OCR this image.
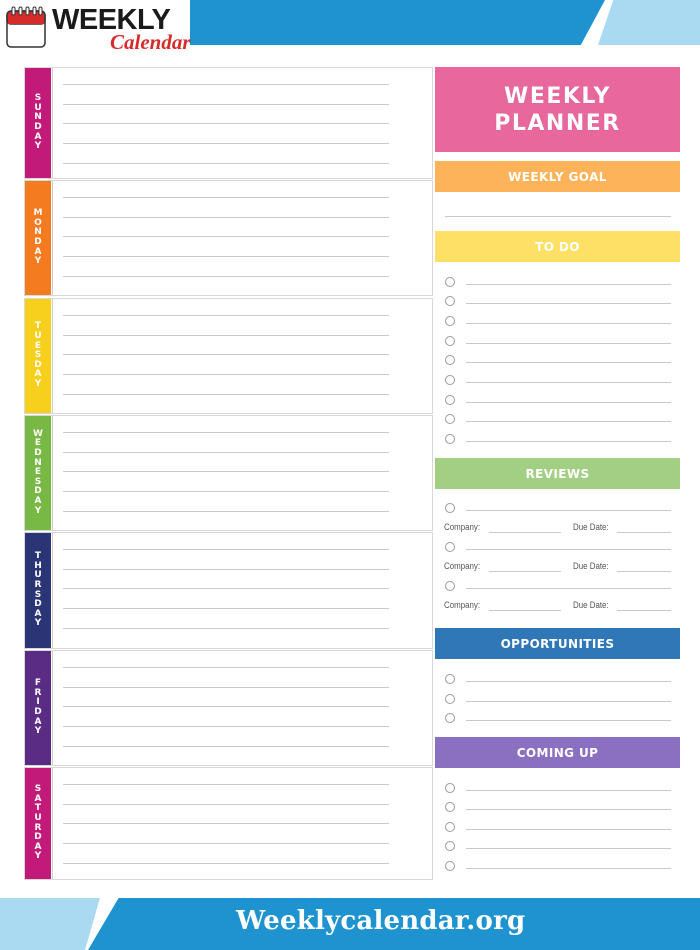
WEEKLY
Calendar
SUNDAY
MONDAY
TUESDAY
WEDNESDAY
THURSDAY
FRIDAY
SATURDAY
WEEKLY
PLANNER
WEEKLY GOAL
TO DO
REVIEWS
Company:	Due Date:
Company:	Due Date:
Company:	Due Date:
OPPORTUNITIES
COMING UP
Weeklycalendar.org
